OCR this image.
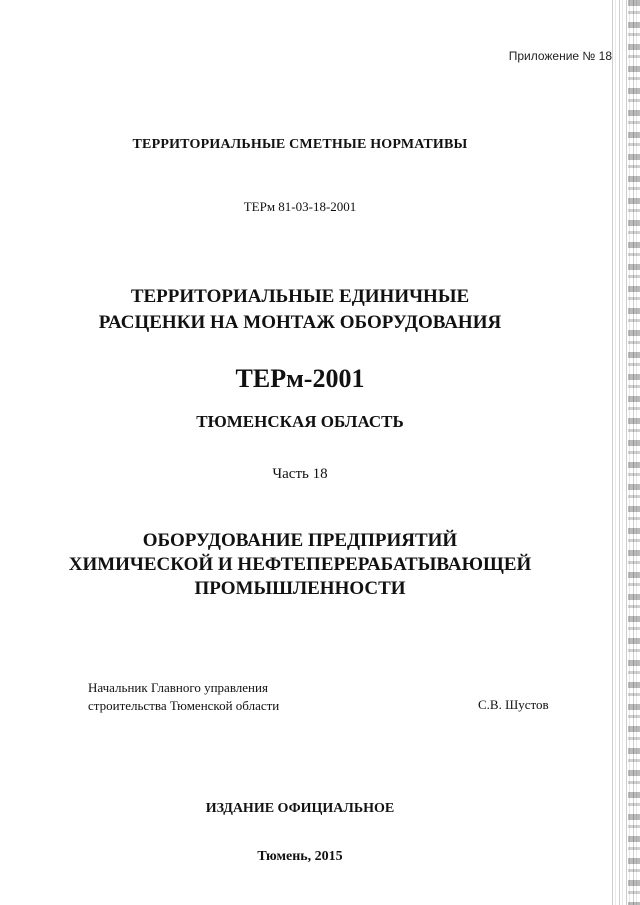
Приложение № 18
ТЕРРИТОРИАЛЬНЫЕ СМЕТНЫЕ НОРМАТИВЫ
ТЕРм 81-03-18-2001
ТЕРРИТОРИАЛЬНЫЕ ЕДИНИЧНЫЕ
РАСЦЕНКИ НА МОНТАЖ ОБОРУДОВАНИЯ
ТЕРм-2001
ТЮМЕНСКАЯ ОБЛАСТЬ
Часть 18
ОБОРУДОВАНИЕ ПРЕДПРИЯТИЙ
ХИМИЧЕСКОЙ И НЕФТЕПЕРЕРАБАТЫВАЮЩЕЙ
ПРОМЫШЛЕННОСТИ
Начальник Главного управления
строительства Тюменской области	С.В. Шустов
ИЗДАНИЕ ОФИЦИАЛЬНОЕ
Тюмень, 2015
